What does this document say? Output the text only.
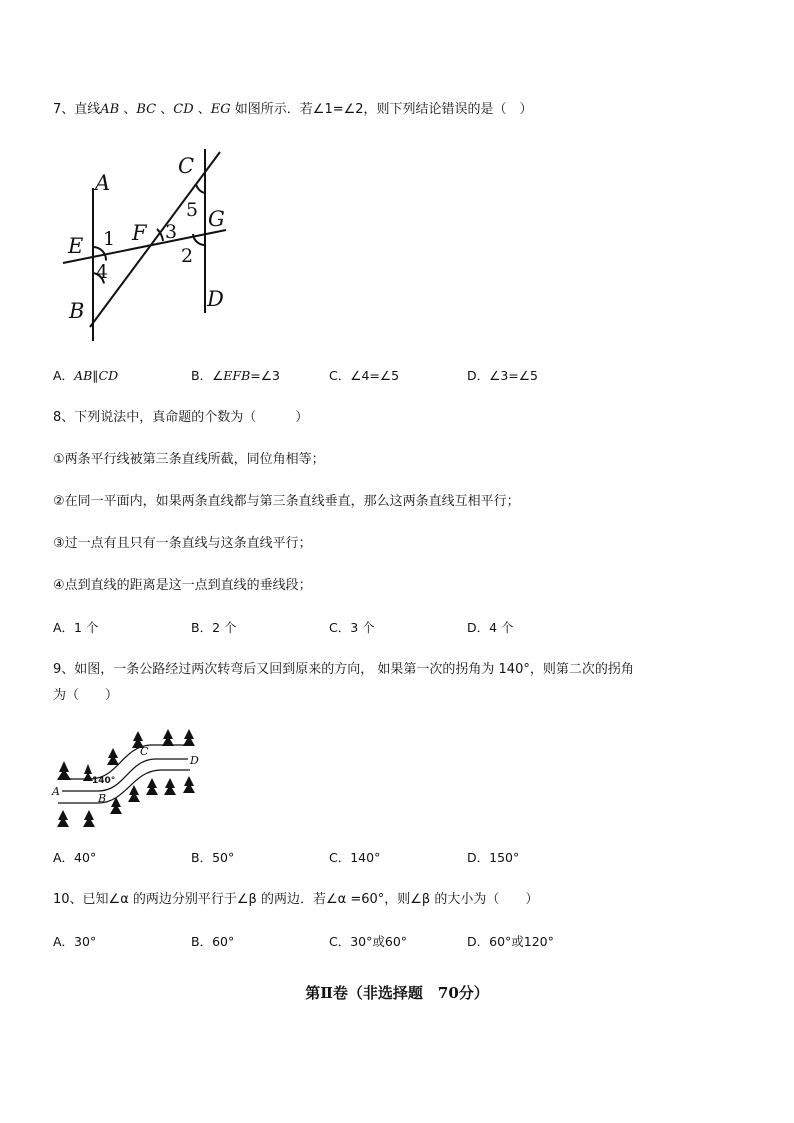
7、直线AB 、BC 、CD 、EG 如图所示．若∠1=∠2，则下列结论错误的是（　）
A
C
G
E
F
B	D
1	3
5
2
4
A．AB∥CD	B．∠EFB=∠3	C．∠4=∠5	D．∠3=∠5
8、下列说法中，真命题的个数为（　　　）
①两条平行线被第三条直线所截，同位角相等；
②在同一平面内，如果两条直线都与第三条直线垂直，那么这两条直线互相平行；
③过一点有且只有一条直线与这条直线平行；
④点到直线的距离是这一点到直线的垂线段；
A．1 个	B．2 个	C．3 个	D．4 个
9、如图，一条公路经过两次转弯后又回到原来的方向， 如果第一次的拐角为 140°，则第二次的拐角
为（　　）
C
D
A
B
140°
A．40°	B．50°	C．140°	D．150°
10、已知∠α 的两边分别平行于∠β 的两边．若∠α =60°，则∠β 的大小为（　　）
A．30°	B．60°	C．30°或60°	D．60°或120°
第Ⅱ卷（非选择题　70分）
